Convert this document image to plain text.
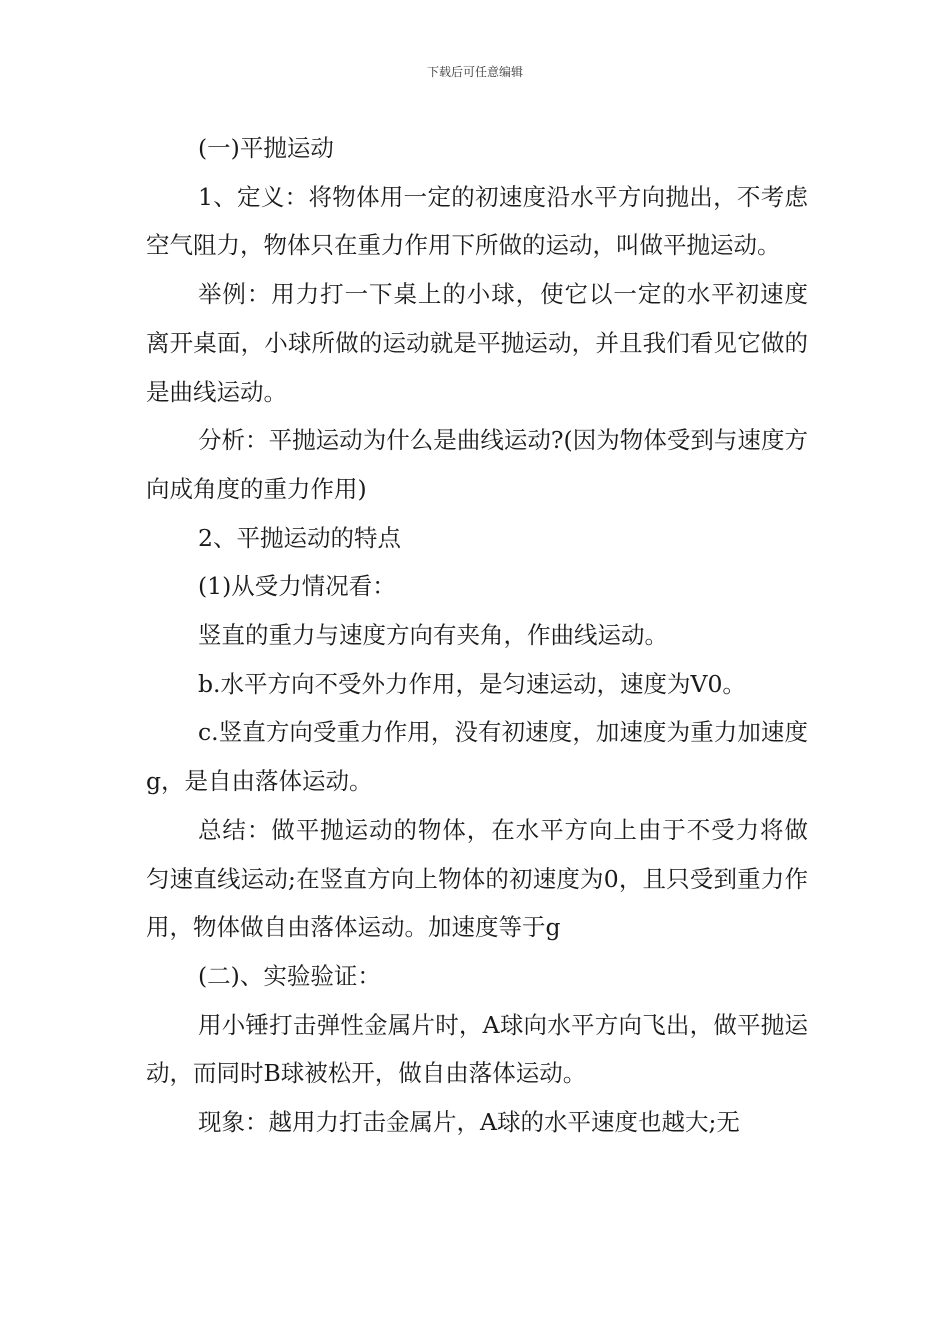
下载后可任意编辑

(一)平抛运动

1、定义：将物体用一定的初速度沿水平方向抛出，不考虑空气阻力，物体只在重力作用下所做的运动，叫做平抛运动。

举例：用力打一下桌上的小球，使它以一定的水平初速度离开桌面，小球所做的运动就是平抛运动，并且我们看见它做的是曲线运动。

分析：平抛运动为什么是曲线运动?(因为物体受到与速度方向成角度的重力作用)

2、平抛运动的特点

(1)从受力情况看：

竖直的重力与速度方向有夹角，作曲线运动。

b.水平方向不受外力作用，是匀速运动，速度为V0。

c.竖直方向受重力作用，没有初速度，加速度为重力加速度g，是自由落体运动。

总结：做平抛运动的物体，在水平方向上由于不受力将做匀速直线运动;在竖直方向上物体的初速度为0，且只受到重力作用，物体做自由落体运动。加速度等于g

(二)、实验验证：

用小锤打击弹性金属片时，A球向水平方向飞出，做平抛运动，而同时B球被松开，做自由落体运动。

现象：越用力打击金属片，A球的水平速度也越大;无
